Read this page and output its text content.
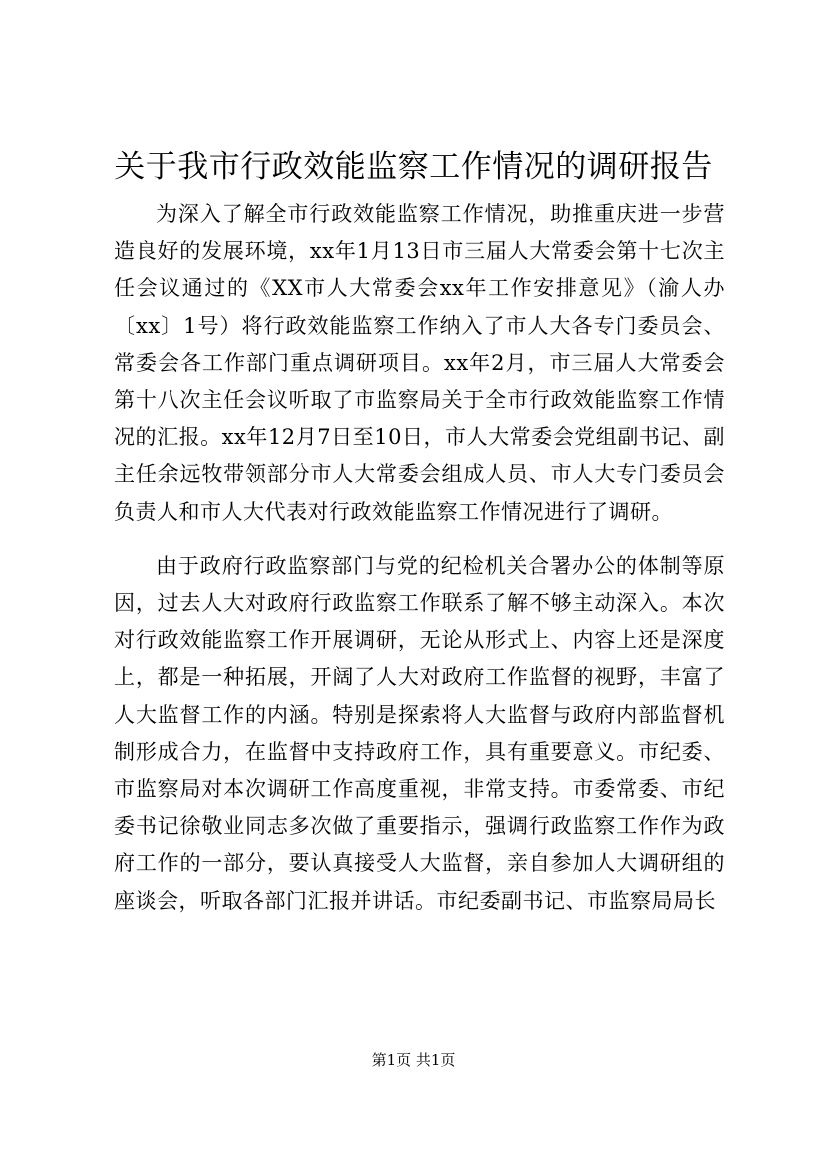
关于我市行政效能监察工作情况的调研报告

为深入了解全市行政效能监察工作情况，助推重庆进一步营造良好的发展环境，xx年1月13日市三届人大常委会第十七次主任会议通过的《XX市人大常委会xx年工作安排意见》（渝人办〔xx〕1号）将行政效能监察工作纳入了市人大各专门委员会、常委会各工作部门重点调研项目。xx年2月，市三届人大常委会第十八次主任会议听取了市监察局关于全市行政效能监察工作情况的汇报。xx年12月7日至10日，市人大常委会党组副书记、副主任余远牧带领部分市人大常委会组成人员、市人大专门委员会负责人和市人大代表对行政效能监察工作情况进行了调研。

由于政府行政监察部门与党的纪检机关合署办公的体制等原因，过去人大对政府行政监察工作联系了解不够主动深入。本次对行政效能监察工作开展调研，无论从形式上、内容上还是深度上，都是一种拓展，开阔了人大对政府工作监督的视野，丰富了人大监督工作的内涵。特别是探索将人大监督与政府内部监督机制形成合力，在监督中支持政府工作，具有重要意义。市纪委、市监察局对本次调研工作高度重视，非常支持。市委常委、市纪委书记徐敬业同志多次做了重要指示，强调行政监察工作作为政府工作的一部分，要认真接受人大监督，亲自参加人大调研组的座谈会，听取各部门汇报并讲话。市纪委副书记、市监察局局长

第1页 共1页
